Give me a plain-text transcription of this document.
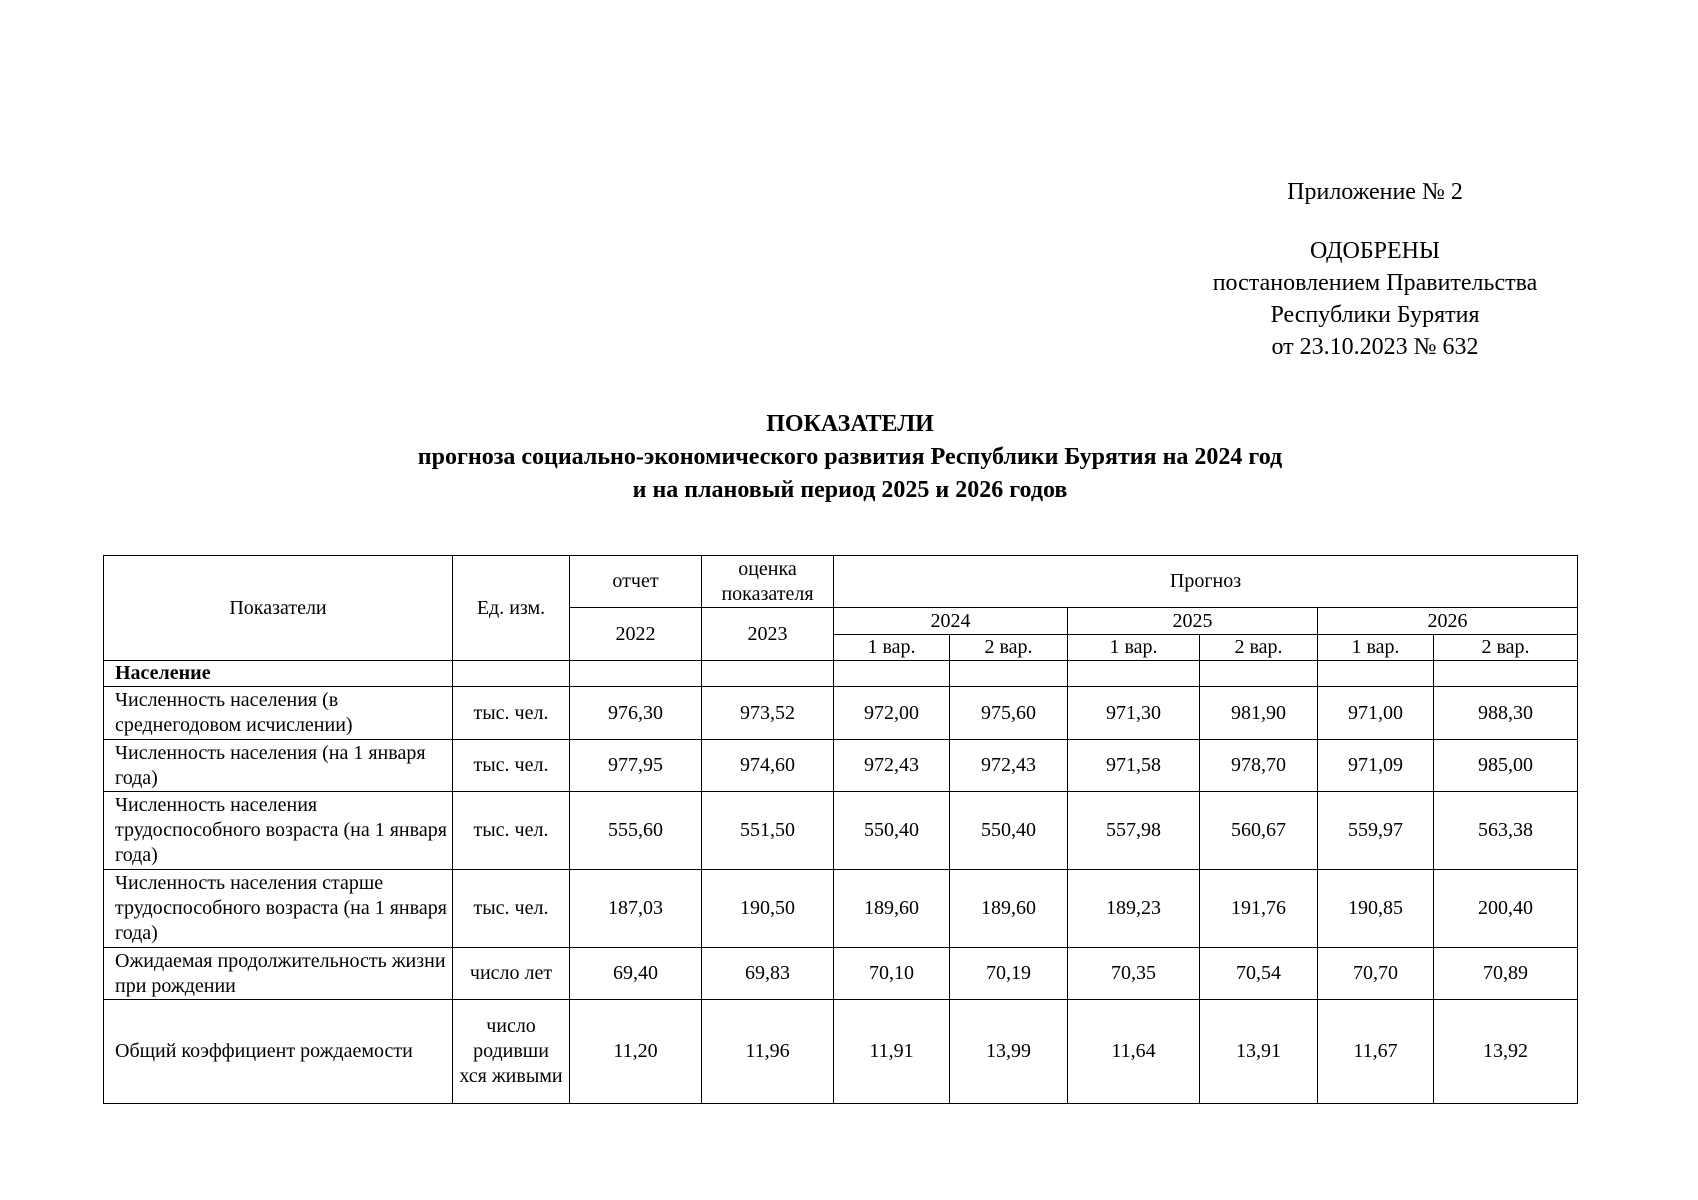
Приложение № 2
ОДОБРЕНЫ
постановлением Правительства
Республики Бурятия
от 23.10.2023 № 632
ПОКАЗАТЕЛИ
прогноза социально-экономического развития Республики Бурятия на 2024 год
и на плановый период 2025 и 2026 годов
Показатели	Ед. изм.	отчет	оценка показателя	Прогноз					
		2022	2023	2024		2025		2026	
				1 вар.	2 вар.	1 вар.	2 вар.	1 вар.	2 вар.
Население									
Численность населения (в среднегодовом исчислении)	тыс. чел.	976,30	973,52	972,00	975,60	971,30	981,90	971,00	988,30
Численность населения (на 1 января года)	тыс. чел.	977,95	974,60	972,43	972,43	971,58	978,70	971,09	985,00
Численность населения трудоспособного возраста (на 1 января года)	тыс. чел.	555,60	551,50	550,40	550,40	557,98	560,67	559,97	563,38
Численность населения старше трудоспособного возраста (на 1 января года)	тыс. чел.	187,03	190,50	189,60	189,60	189,23	191,76	190,85	200,40
Ожидаемая продолжительность жизни при рождении	число лет	69,40	69,83	70,10	70,19	70,35	70,54	70,70	70,89
Общий коэффициент рождаемости	число родивши хся живыми	11,20	11,96	11,91	13,99	11,64	13,91	11,67	13,92
